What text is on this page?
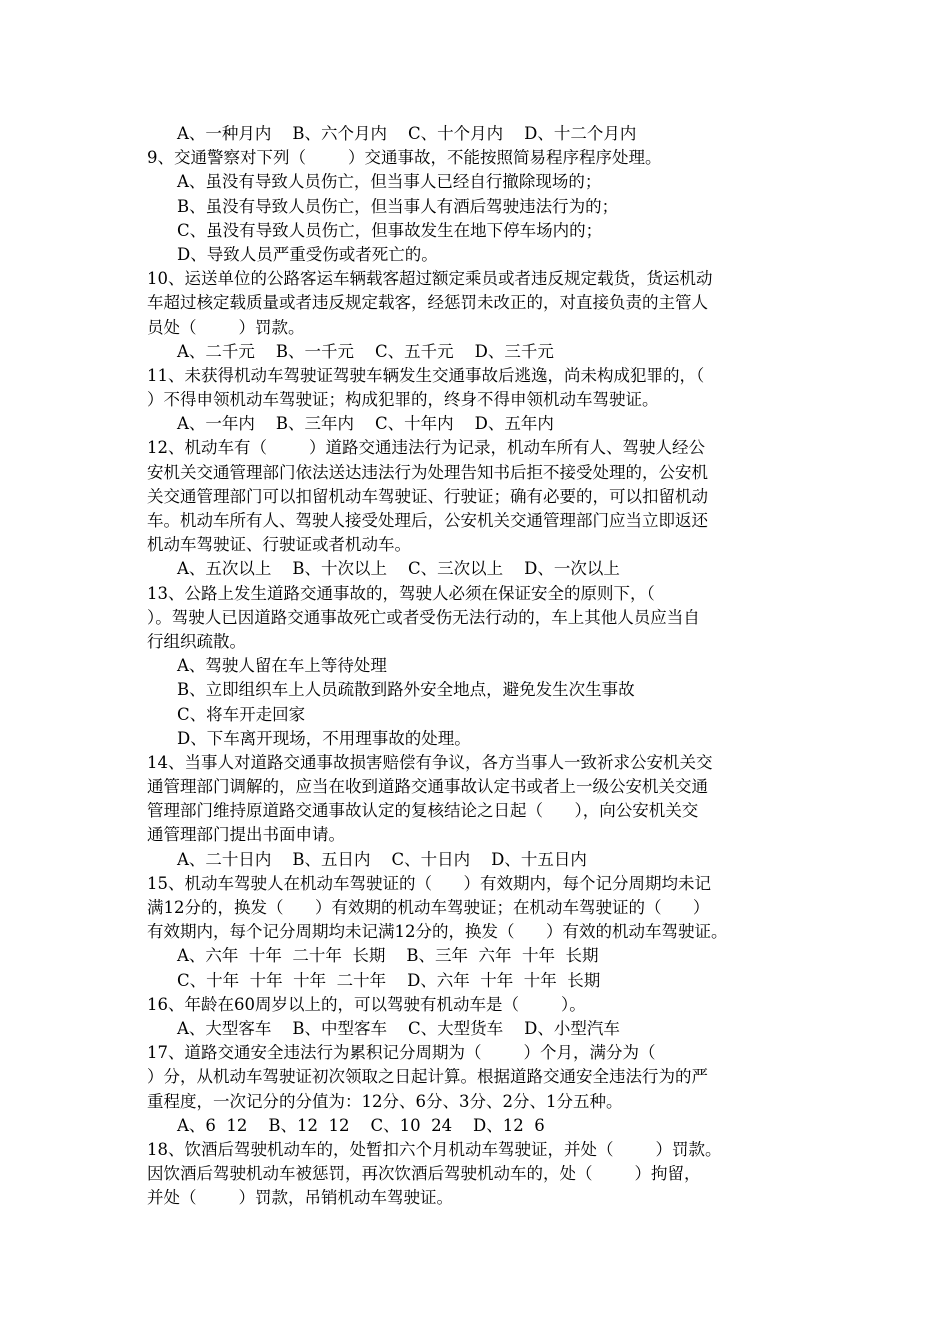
A、一种月内    B、六个月内    C、十个月内    D、十二个月内
9、交通警察对下列（        ）交通事故，不能按照简易程序程序处理。
A、虽没有导致人员伤亡，但当事人已经自行撤除现场的；
B、虽没有导致人员伤亡，但当事人有酒后驾驶违法行为的；
C、虽没有导致人员伤亡，但事故发生在地下停车场内的；
D、导致人员严重受伤或者死亡的。
10、运送单位的公路客运车辆载客超过额定乘员或者违反规定载货，货运机动
车超过核定载质量或者违反规定载客，经惩罚未改正的，对直接负责的主管人
员处（        ）罚款。
A、二千元    B、一千元    C、五千元    D、三千元
11、未获得机动车驾驶证驾驶车辆发生交通事故后逃逸，尚未构成犯罪的，（
）不得申领机动车驾驶证；构成犯罪的，终身不得申领机动车驾驶证。
A、一年内    B、三年内    C、十年内    D、五年内
12、机动车有（        ）道路交通违法行为记录，机动车所有人、驾驶人经公
安机关交通管理部门依法送达违法行为处理告知书后拒不接受处理的，公安机
关交通管理部门可以扣留机动车驾驶证、行驶证；确有必要的，可以扣留机动
车。机动车所有人、驾驶人接受处理后，公安机关交通管理部门应当立即返还
机动车驾驶证、行驶证或者机动车。
A、五次以上    B、十次以上    C、三次以上    D、一次以上
13、公路上发生道路交通事故的，驾驶人必须在保证安全的原则下，（
）。驾驶人已因道路交通事故死亡或者受伤无法行动的，车上其他人员应当自
行组织疏散。
A、驾驶人留在车上等待处理
B、立即组织车上人员疏散到路外安全地点，避免发生次生事故
C、将车开走回家
D、下车离开现场，不用理事故的处理。
14、当事人对道路交通事故损害赔偿有争议，各方当事人一致祈求公安机关交
通管理部门调解的，应当在收到道路交通事故认定书或者上一级公安机关交通
管理部门维持原道路交通事故认定的复核结论之日起（      ），向公安机关交
通管理部门提出书面申请。
A、二十日内    B、五日内    C、十日内    D、十五日内
15、机动车驾驶人在机动车驾驶证的（      ）有效期内，每个记分周期均未记
满12分的，换发（      ）有效期的机动车驾驶证；在机动车驾驶证的（      ）
有效期内，每个记分周期均未记满12分的，换发（      ）有效的机动车驾驶证。
A、六年  十年  二十年  长期    B、三年  六年  十年  长期
C、十年  十年  十年  二十年    D、六年  十年  十年  长期
16、年龄在60周岁以上的，可以驾驶有机动车是（        ）。
A、大型客车    B、中型客车    C、大型货车    D、小型汽车
17、道路交通安全违法行为累积记分周期为（        ）个月，满分为（
）分，从机动车驾驶证初次领取之日起计算。根据道路交通安全违法行为的严
重程度，一次记分的分值为：12分、6分、3分、2分、1分五种。
A、6  12    B、12  12    C、10  24    D、12  6
18、饮酒后驾驶机动车的，处暂扣六个月机动车驾驶证，并处（        ）罚款。
因饮酒后驾驶机动车被惩罚，再次饮酒后驾驶机动车的，处（        ）拘留，
并处（        ）罚款，吊销机动车驾驶证。
